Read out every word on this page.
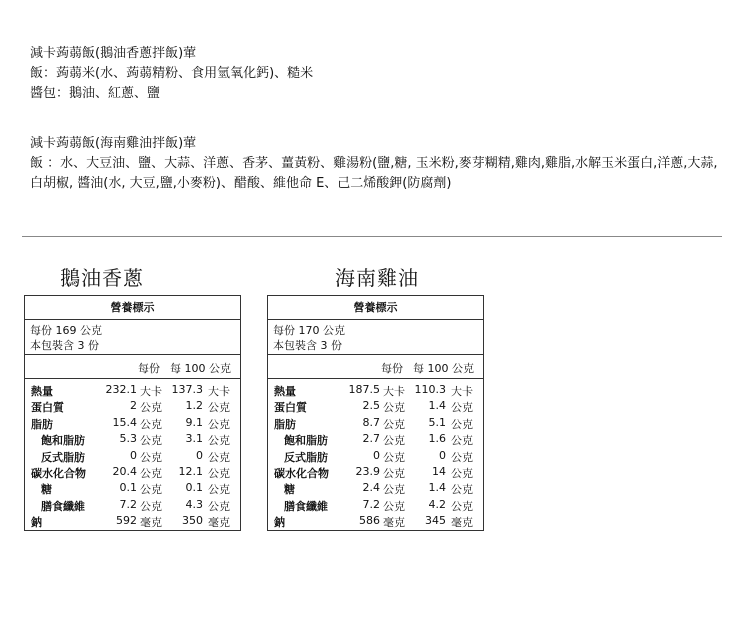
減卡蒟蒻飯(鵝油香蔥拌飯)葷
飯：蒟蒻米(水、蒟蒻精粉、食用氫氧化鈣)、糙米
醬包：鵝油、紅蔥、鹽
減卡蒟蒻飯(海南雞油拌飯)葷
飯 ：水、大豆油、鹽、大蒜、洋蔥、香茅、薑黃粉、雞湯粉(鹽,糖, 玉米粉,麥芽糊精,雞肉,雞脂,水解玉米蛋白,洋蔥,大蒜,白胡椒, 醬油(水, 大豆,鹽,小麥粉)、醋酸、維他命 E、己二烯酸鉀(防腐劑)
鵝油香蔥	海南雞油
營養標示
每份 169 公克
本包裝含 3 份
每份 每 100 公克
熱量	232.1 大卡 137.3 大卡
蛋白質	2 公克 1.2 公克
脂肪	15.4 公克 9.1 公克
飽和脂肪	5.3 公克 3.1 公克
反式脂肪	0 公克	0 公克
碳水化合物 20.4 公克 12.1 公克
糖	0.1 公克 0.1 公克
膳食纖維	7.2 公克 4.3 公克
鈉	592 毫克 350 毫克
營養標示
每份 170 公克
本包裝含 3 份
每份 每 100 公克
熱量	187.5 大卡 110.3 大卡
蛋白質	2.5 公克 1.4 公克
脂肪	8.7 公克 5.1 公克
飽和脂肪	2.7 公克 1.6 公克
反式脂肪	0 公克	0 公克
碳水化合物 23.9 公克 14 公克
糖	2.4 公克 1.4 公克
膳食纖維	7.2 公克 4.2 公克
鈉	586 毫克 345 毫克
